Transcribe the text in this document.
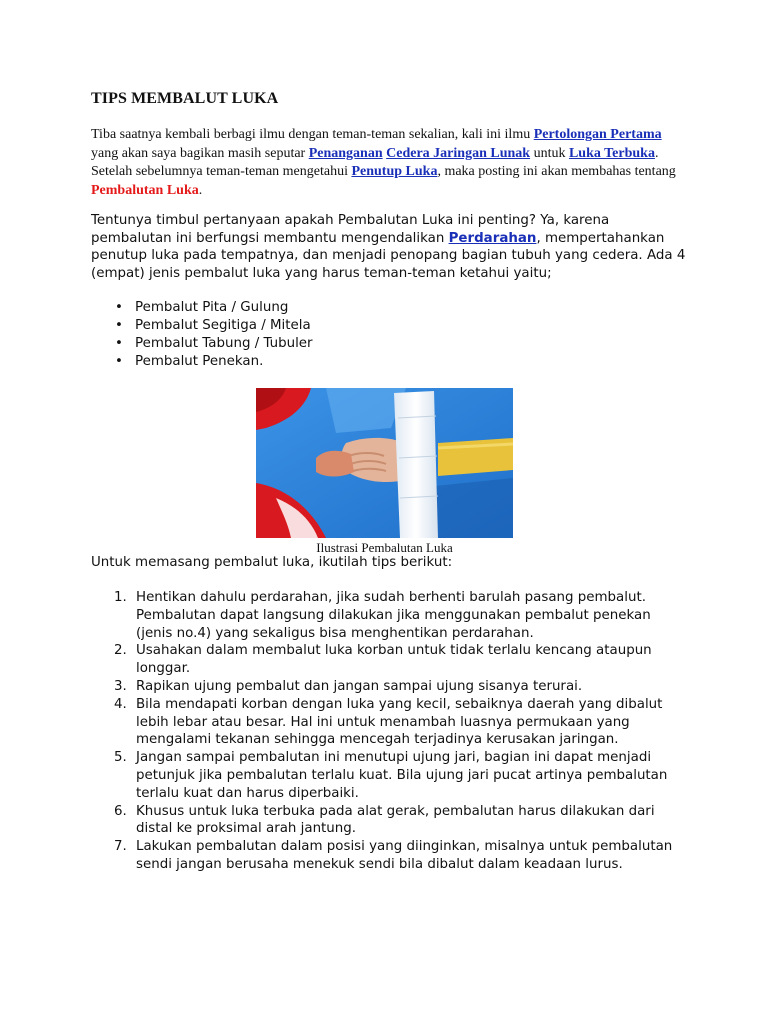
TIPS MEMBALUT LUKA
Tiba saatnya kembali berbagi ilmu dengan teman-teman sekalian, kali ini ilmu Pertolongan Pertama yang akan saya bagikan masih seputar Penanganan Cedera Jaringan Lunak untuk Luka Terbuka. Setelah sebelumnya teman-teman mengetahui Penutup Luka, maka posting ini akan membahas tentang Pembalutan Luka.
Tentunya timbul pertanyaan apakah Pembalutan Luka ini penting? Ya, karena pembalutan ini berfungsi membantu mengendalikan Perdarahan, mempertahankan penutup luka pada tempatnya, dan menjadi penopang bagian tubuh yang cedera. Ada 4 (empat) jenis pembalut luka yang harus teman-teman ketahui yaitu;
• Pembalut Pita / Gulung
• Pembalut Segitiga / Mitela
• Pembalut Tabung / Tubuler
• Pembalut Penekan.
Ilustrasi Pembalutan Luka
Untuk memasang pembalut luka, ikutilah tips berikut:
1. Hentikan dahulu perdarahan, jika sudah berhenti barulah pasang pembalut. Pembalutan dapat langsung dilakukan jika menggunakan pembalut penekan (jenis no.4) yang sekaligus bisa menghentikan perdarahan.
2. Usahakan dalam membalut luka korban untuk tidak terlalu kencang ataupun longgar.
3. Rapikan ujung pembalut dan jangan sampai ujung sisanya terurai.
4. Bila mendapati korban dengan luka yang kecil, sebaiknya daerah yang dibalut lebih lebar atau besar. Hal ini untuk menambah luasnya permukaan yang mengalami tekanan sehingga mencegah terjadinya kerusakan jaringan.
5. Jangan sampai pembalutan ini menutupi ujung jari, bagian ini dapat menjadi petunjuk jika pembalutan terlalu kuat. Bila ujung jari pucat artinya pembalutan terlalu kuat dan harus diperbaiki.
6. Khusus untuk luka terbuka pada alat gerak, pembalutan harus dilakukan dari distal ke proksimal arah jantung.
7. Lakukan pembalutan dalam posisi yang diinginkan, misalnya untuk pembalutan sendi jangan berusaha menekuk sendi bila dibalut dalam keadaan lurus.
